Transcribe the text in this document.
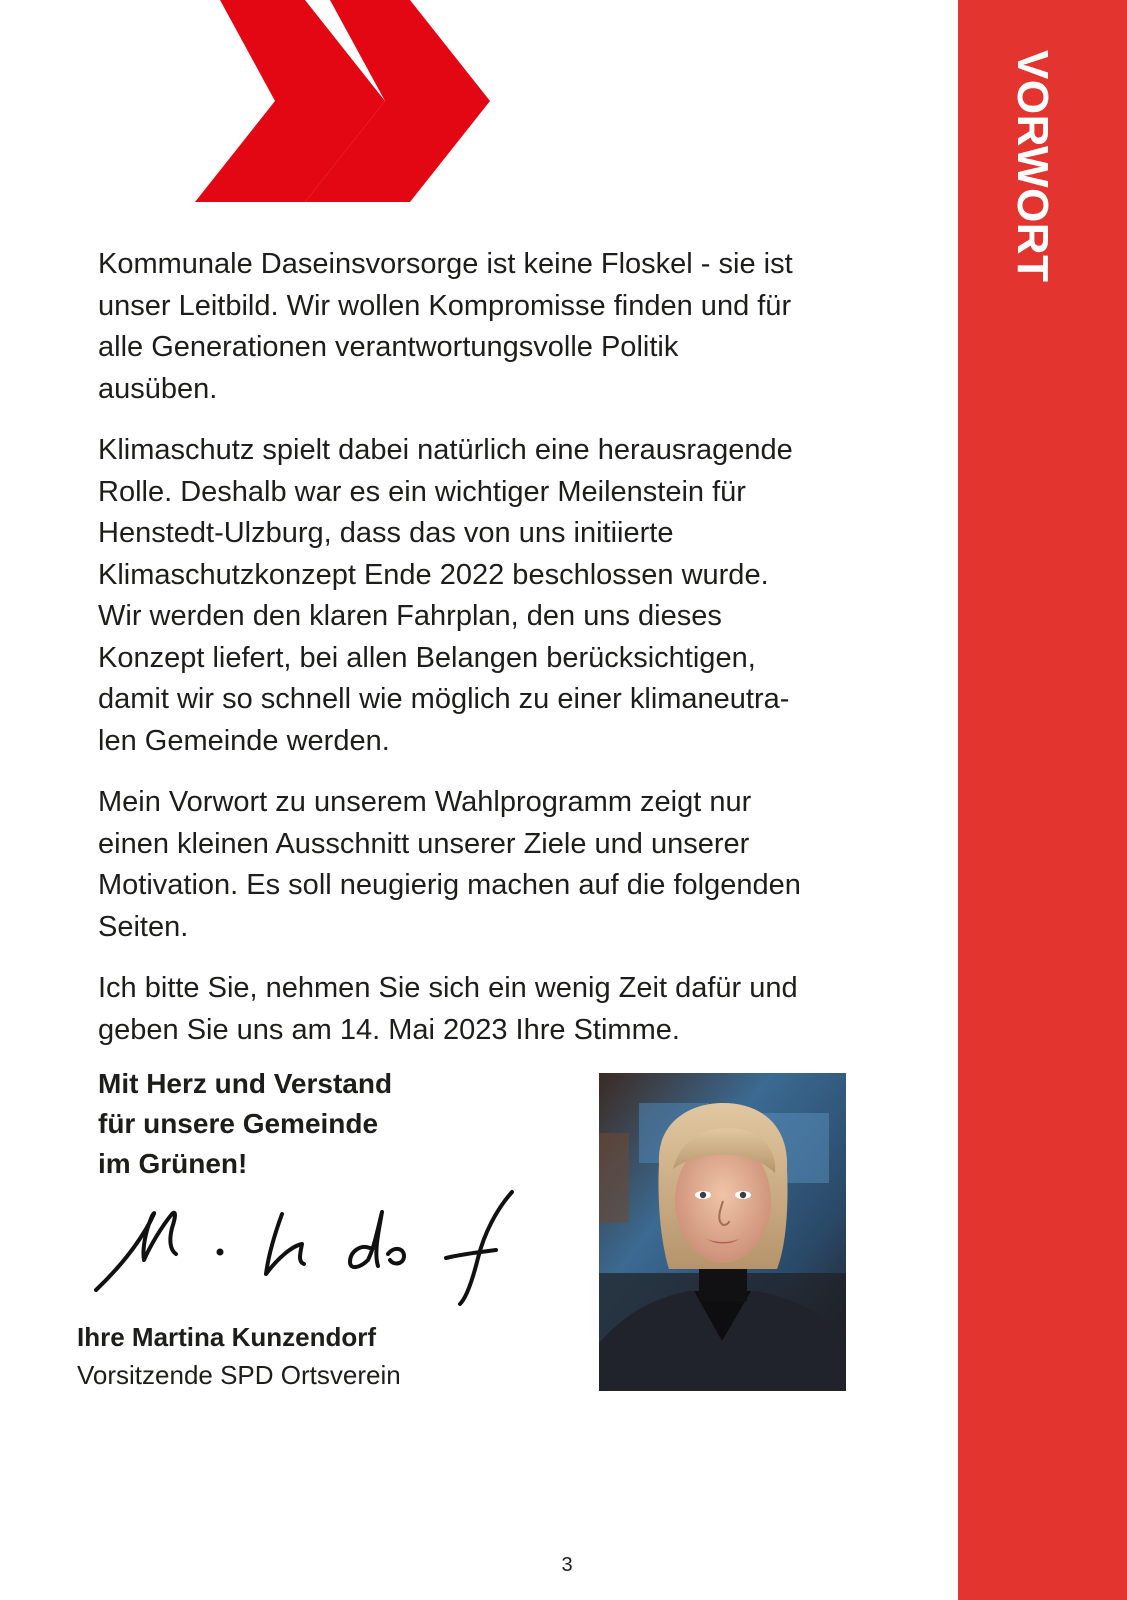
VORWORT

Kommunale Daseinsvorsorge ist keine Floskel - sie ist
unser Leitbild. Wir wollen Kompromisse finden und für
alle Generationen verantwortungsvolle Politik
ausüben.

Klimaschutz spielt dabei natürlich eine herausragende
Rolle. Deshalb war es ein wichtiger Meilenstein für
Henstedt-Ulzburg, dass das von uns initiierte
Klimaschutzkonzept Ende 2022 beschlossen wurde.
Wir werden den klaren Fahrplan, den uns dieses
Konzept liefert, bei allen Belangen berücksichtigen,
damit wir so schnell wie möglich zu einer klimaneutra-
len Gemeinde werden.

Mein Vorwort zu unserem Wahlprogramm zeigt nur
einen kleinen Ausschnitt unserer Ziele und unserer
Motivation. Es soll neugierig machen auf die folgenden
Seiten.

Ich bitte Sie, nehmen Sie sich ein wenig Zeit dafür und
geben Sie uns am 14. Mai 2023 Ihre Stimme.

Mit Herz und Verstand
für unsere Gemeinde
im Grünen!
Ihre Martina Kunzendorf
Vorsitzende SPD Ortsverein
3
